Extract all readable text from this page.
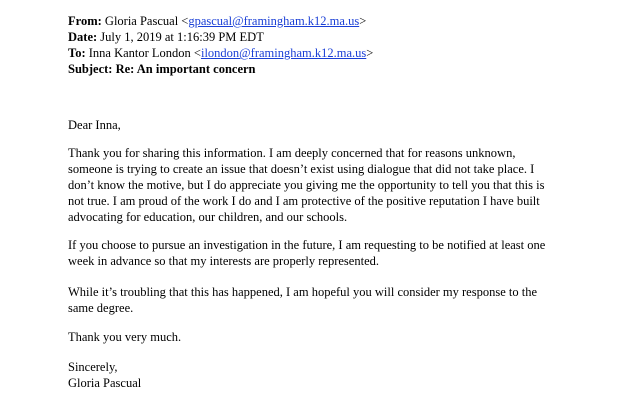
From: Gloria Pascual <gpascual@framingham.k12.ma.us>
Date: July 1, 2019 at 1:16:39 PM EDT
To: Inna Kantor London <ilondon@framingham.k12.ma.us>
Subject: Re: An important concern
Dear Inna,
Thank you for sharing this information. I am deeply concerned that for reasons unknown,
someone is trying to create an issue that doesn’t exist using dialogue that did not take place. I
don’t know the motive, but I do appreciate you giving me the opportunity to tell you that this is
not true. I am proud of the work I do and I am protective of the positive reputation I have built
advocating for education, our children, and our schools.
If you choose to pursue an investigation in the future, I am requesting to be notified at least one
week in advance so that my interests are properly represented.
While it’s troubling that this has happened, I am hopeful you will consider my response to the
same degree.
Thank you very much.
Sincerely,
Gloria Pascual
